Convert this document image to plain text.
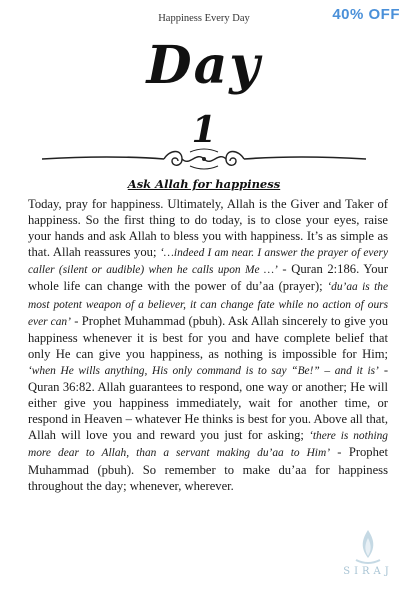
Happiness Every Day	40% OFF
Day
1
Ask Allah for happiness
Today, pray for happiness. Ultimately, Allah is the Giver and Taker of happiness. So the first thing to do today, is to close your eyes, raise your hands and ask Allah to bless you with happiness. It’s as simple as that. Allah reassures you; ‘…indeed I am near. I answer the prayer of every caller (silent or audible) when he calls upon Me …’ - Quran 2:186. Your whole life can change with the power of du’aa (prayer); ‘du’aa is the most potent weapon of a believer, it can change fate while no action of ours ever can’ - Prophet Muhammad (pbuh). Ask Allah sincerely to give you happiness whenever it is best for you and have complete belief that only He can give you happiness, as nothing is impossible for Him; ‘when He wills anything, His only command is to say “Be!” – and it is’ - Quran 36:82. Allah guarantees to respond, one way or another; He will either give you happiness immediately, wait for another time, or respond in Heaven – whatever He thinks is best for you. Above all that, Allah will love you and reward you just for asking; ‘there is nothing more dear to Allah, than a servant making du’aa to Him’ - Prophet Muhammad (pbuh). So remember to make du’aa for happiness throughout the day; whenever, wherever.
SIRAJ
